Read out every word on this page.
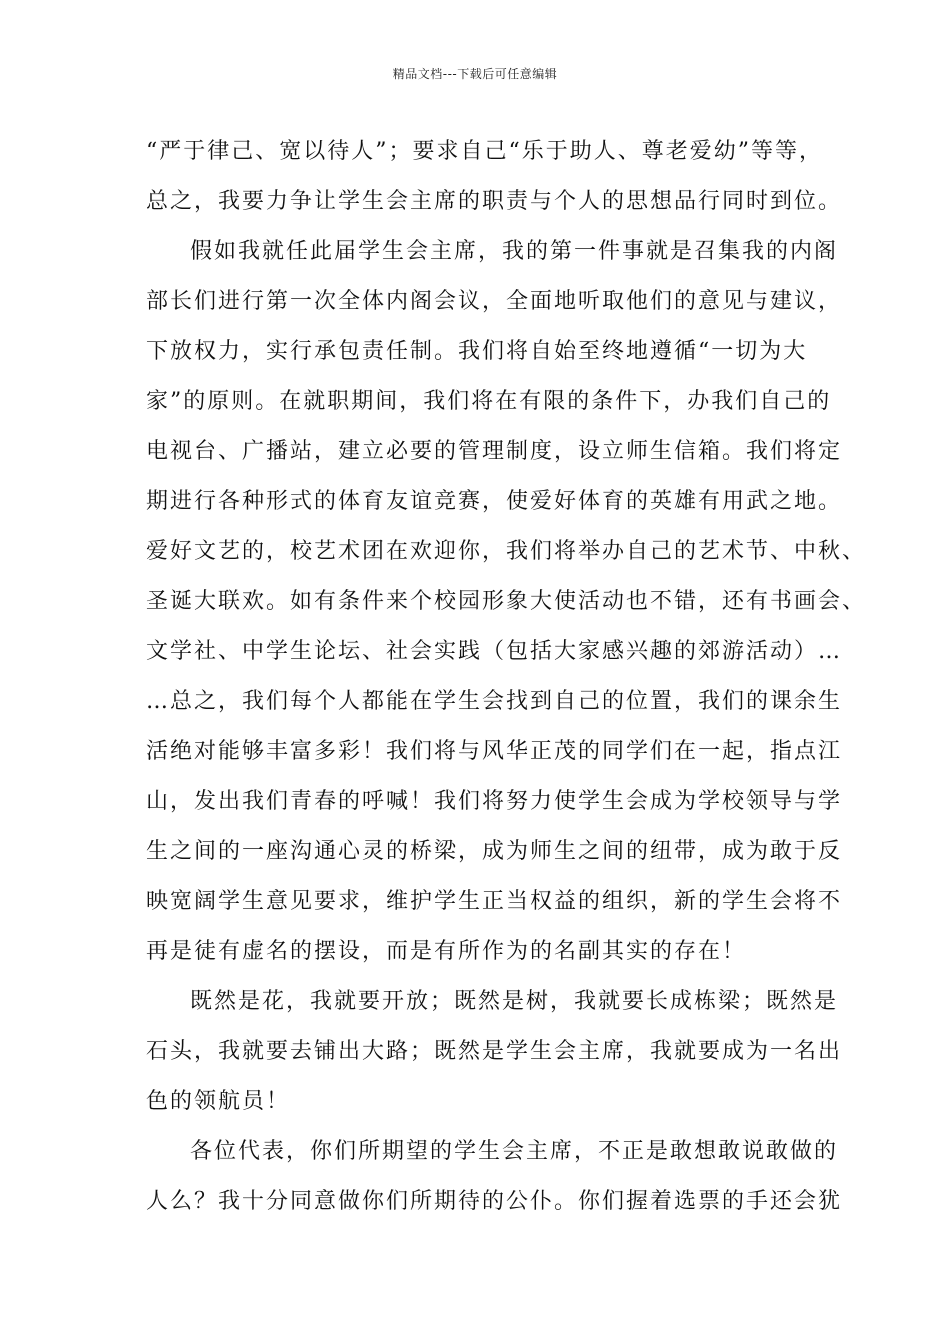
精品文档---下载后可任意编辑
“严于律己、宽以待人”；要求自己“乐于助人、尊老爱幼”等等，
总之，我要力争让学生会主席的职责与个人的思想品行同时到位。
假如我就任此届学生会主席，我的第一件事就是召集我的内阁
部长们进行第一次全体内阁会议，全面地听取他们的意见与建议，
下放权力，实行承包责任制。我们将自始至终地遵循“一切为大
家”的原则。在就职期间，我们将在有限的条件下，办我们自己的
电视台、广播站，建立必要的管理制度，设立师生信箱。我们将定
期进行各种形式的体育友谊竞赛，使爱好体育的英雄有用武之地。
爱好文艺的，校艺术团在欢迎你，我们将举办自己的艺术节、中秋、
圣诞大联欢。如有条件来个校园形象大使活动也不错，还有书画会、
文学社、中学生论坛、社会实践（包括大家感兴趣的郊游活动）…
…总之，我们每个人都能在学生会找到自己的位置，我们的课余生
活绝对能够丰富多彩！我们将与风华正茂的同学们在一起，指点江
山，发出我们青春的呼喊！我们将努力使学生会成为学校领导与学
生之间的一座沟通心灵的桥梁，成为师生之间的纽带，成为敢于反
映宽阔学生意见要求，维护学生正当权益的组织，新的学生会将不
再是徒有虚名的摆设，而是有所作为的名副其实的存在！
既然是花，我就要开放；既然是树，我就要长成栋梁；既然是
石头，我就要去铺出大路；既然是学生会主席，我就要成为一名出
色的领航员！
各位代表，你们所期望的学生会主席，不正是敢想敢说敢做的
人么？我十分同意做你们所期待的公仆。你们握着选票的手还会犹
